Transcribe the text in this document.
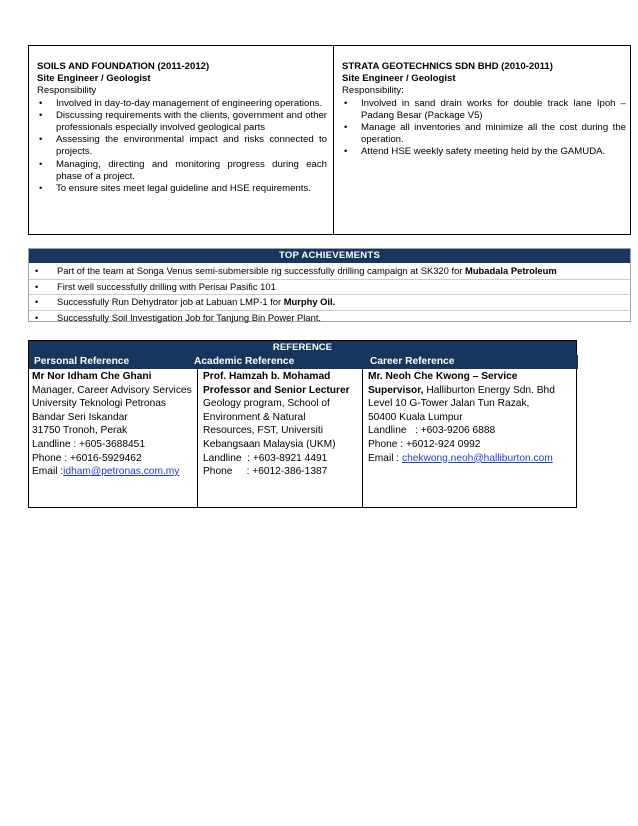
SOILS AND FOUNDATION (2011-2012)
Site Engineer / Geologist
Responsibility
• Involved in day-to-day management of engineering operations.
• Discussing requirements with the clients, government and other professionals especially involved geological parts
• Assessing the environmental impact and risks connected to projects.
• Managing, directing and monitoring progress during each phase of a project.
• To ensure sites meet legal guideline and HSE requirements.
STRATA GEOTECHNICS SDN BHD (2010-2011)
Site Engineer / Geologist
Responsibility:
• Involved in sand drain works for double track lane Ipoh – Padang Besar (Package V5)
• Manage all inventories and minimize all the cost during the operation.
• Attend HSE weekly safety meeting held by the GAMUDA.
TOP ACHIEVEMENTS
• Part of the team at Songa Venus semi-submersible rig successfully drilling campaign at SK320 for Mubadala Petroleum
• First well successfully drilling with Perisai Pasific 101
• Successfully Run Dehydrator job at Labuan LMP-1 for Murphy Oil.
• Successfully Soil Investigation Job for Tanjung Bin Power Plant.
REFERENCE
Personal Reference	Academic Reference	Career Reference
Mr Nor Idham Che Ghani
Manager, Career Advisory Services
University Teknologi Petronas
Bandar Seri Iskandar
31750 Tronoh, Perak
Landline : +605-3688451
Phone : +6016-5929462
Email :idham@petronas.com.my
Prof. Hamzah b. Mohamad Professor and Senior Lecturer
Geology program, School of Environment & Natural Resources, FST, Universiti Kebangsaan Malaysia (UKM)
Landline  : +603-8921 4491
Phone     : +6012-386-1387
Mr. Neoh Che Kwong – Service Supervisor, Halliburton Energy Sdn. Bhd
Level 10 G-Tower Jalan Tun Razak,
50400 Kuala Lumpur
Landline   : +603-9206 6888
Phone : +6012-924 0992
Email : chekwong.neoh@halliburton.com
